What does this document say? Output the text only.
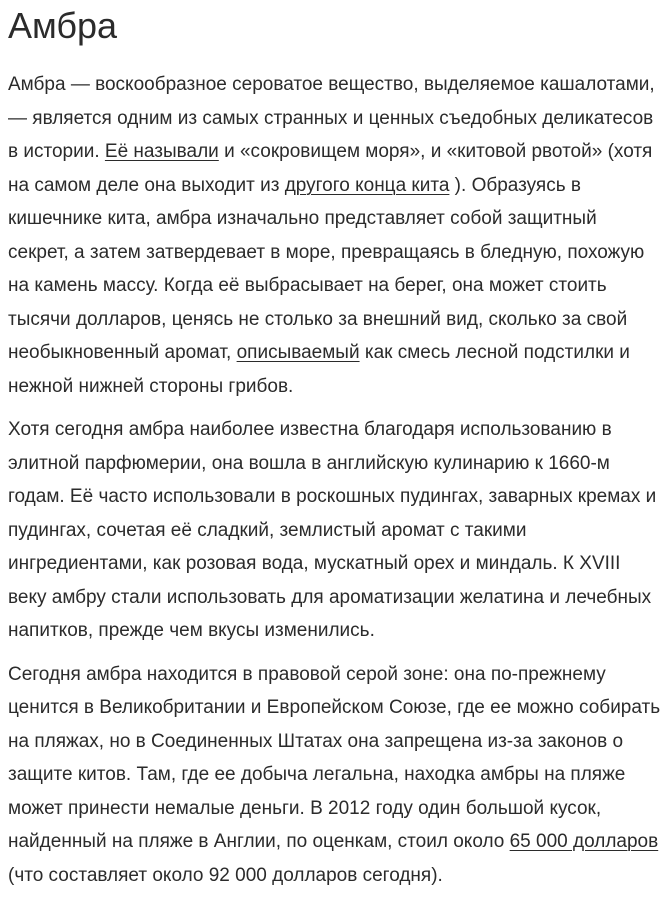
Амбра

Амбра — воскообразное сероватое вещество, выделяемое кашалотами, — является одним из самых странных и ценных съедобных деликатесов в истории. Её называли и «сокровищем моря», и «китовой рвотой» (хотя на самом деле она выходит из другого конца кита ). Образуясь в кишечнике кита, амбра изначально представляет собой защитный секрет, а затем затвердевает в море, превращаясь в бледную, похожую на камень массу. Когда её выбрасывает на берег, она может стоить тысячи долларов, ценясь не столько за внешний вид, сколько за свой необыкновенный аромат, описываемый как смесь лесной подстилки и нежной нижней стороны грибов.

Хотя сегодня амбра наиболее известна благодаря использованию в элитной парфюмерии, она вошла в английскую кулинарию к 1660-м годам. Её часто использовали в роскошных пудингах, заварных кремах и пудингах, сочетая её сладкий, землистый аромат с такими ингредиентами, как розовая вода, мускатный орех и миндаль. К XVIII веку амбру стали использовать для ароматизации желатина и лечебных напитков, прежде чем вкусы изменились.

Сегодня амбра находится в правовой серой зоне: она по-прежнему ценится в Великобритании и Европейском Союзе, где ее можно собирать на пляжах, но в Соединенных Штатах она запрещена из-за законов о защите китов. Там, где ее добыча легальна, находка амбры на пляже может принести немалые деньги. В 2012 году один большой кусок, найденный на пляже в Англии, по оценкам, стоил около 65 000 долларов (что составляет около 92 000 долларов сегодня).
